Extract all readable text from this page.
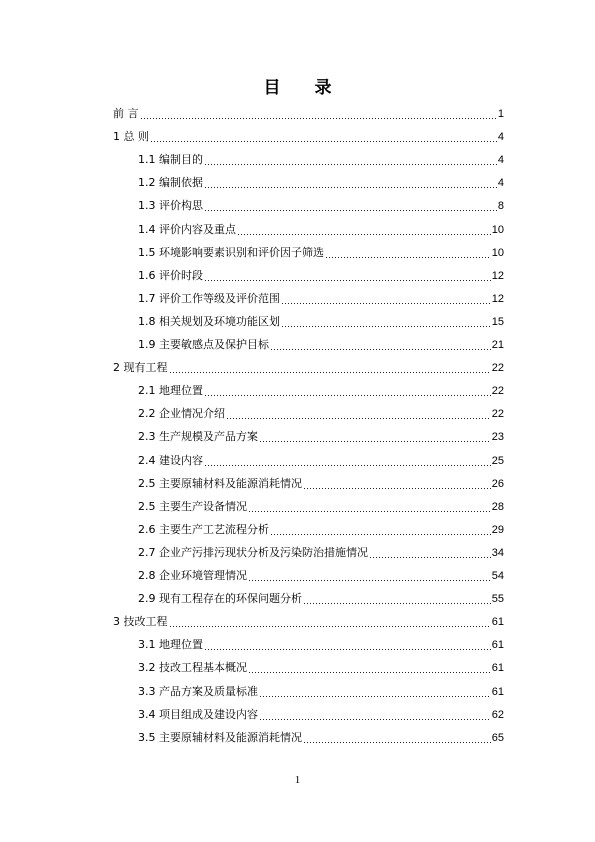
目 录
前 言	1
1 总 则	4
1.1 编制目的	4
1.2 编制依据	4
1.3 评价构思	8
1.4 评价内容及重点	10
1.5 环境影响要素识别和评价因子筛选	10
1.6 评价时段	12
1.7 评价工作等级及评价范围	12
1.8 相关规划及环境功能区划	15
1.9 主要敏感点及保护目标	21
2 现有工程	22
2.1 地理位置	22
2.2 企业情况介绍	22
2.3 生产规模及产品方案	23
2.4 建设内容	25
2.5 主要原辅材料及能源消耗情况	26
2.5 主要生产设备情况	28
2.6 主要生产工艺流程分析	29
2.7 企业产污排污现状分析及污染防治措施情况	34
2.8 企业环境管理情况	54
2.9 现有工程存在的环保问题分析	55
3 技改工程	61
3.1 地理位置	61
3.2 技改工程基本概况	61
3.3 产品方案及质量标准	61
3.4 项目组成及建设内容	62
3.5 主要原辅材料及能源消耗情况	65
1
